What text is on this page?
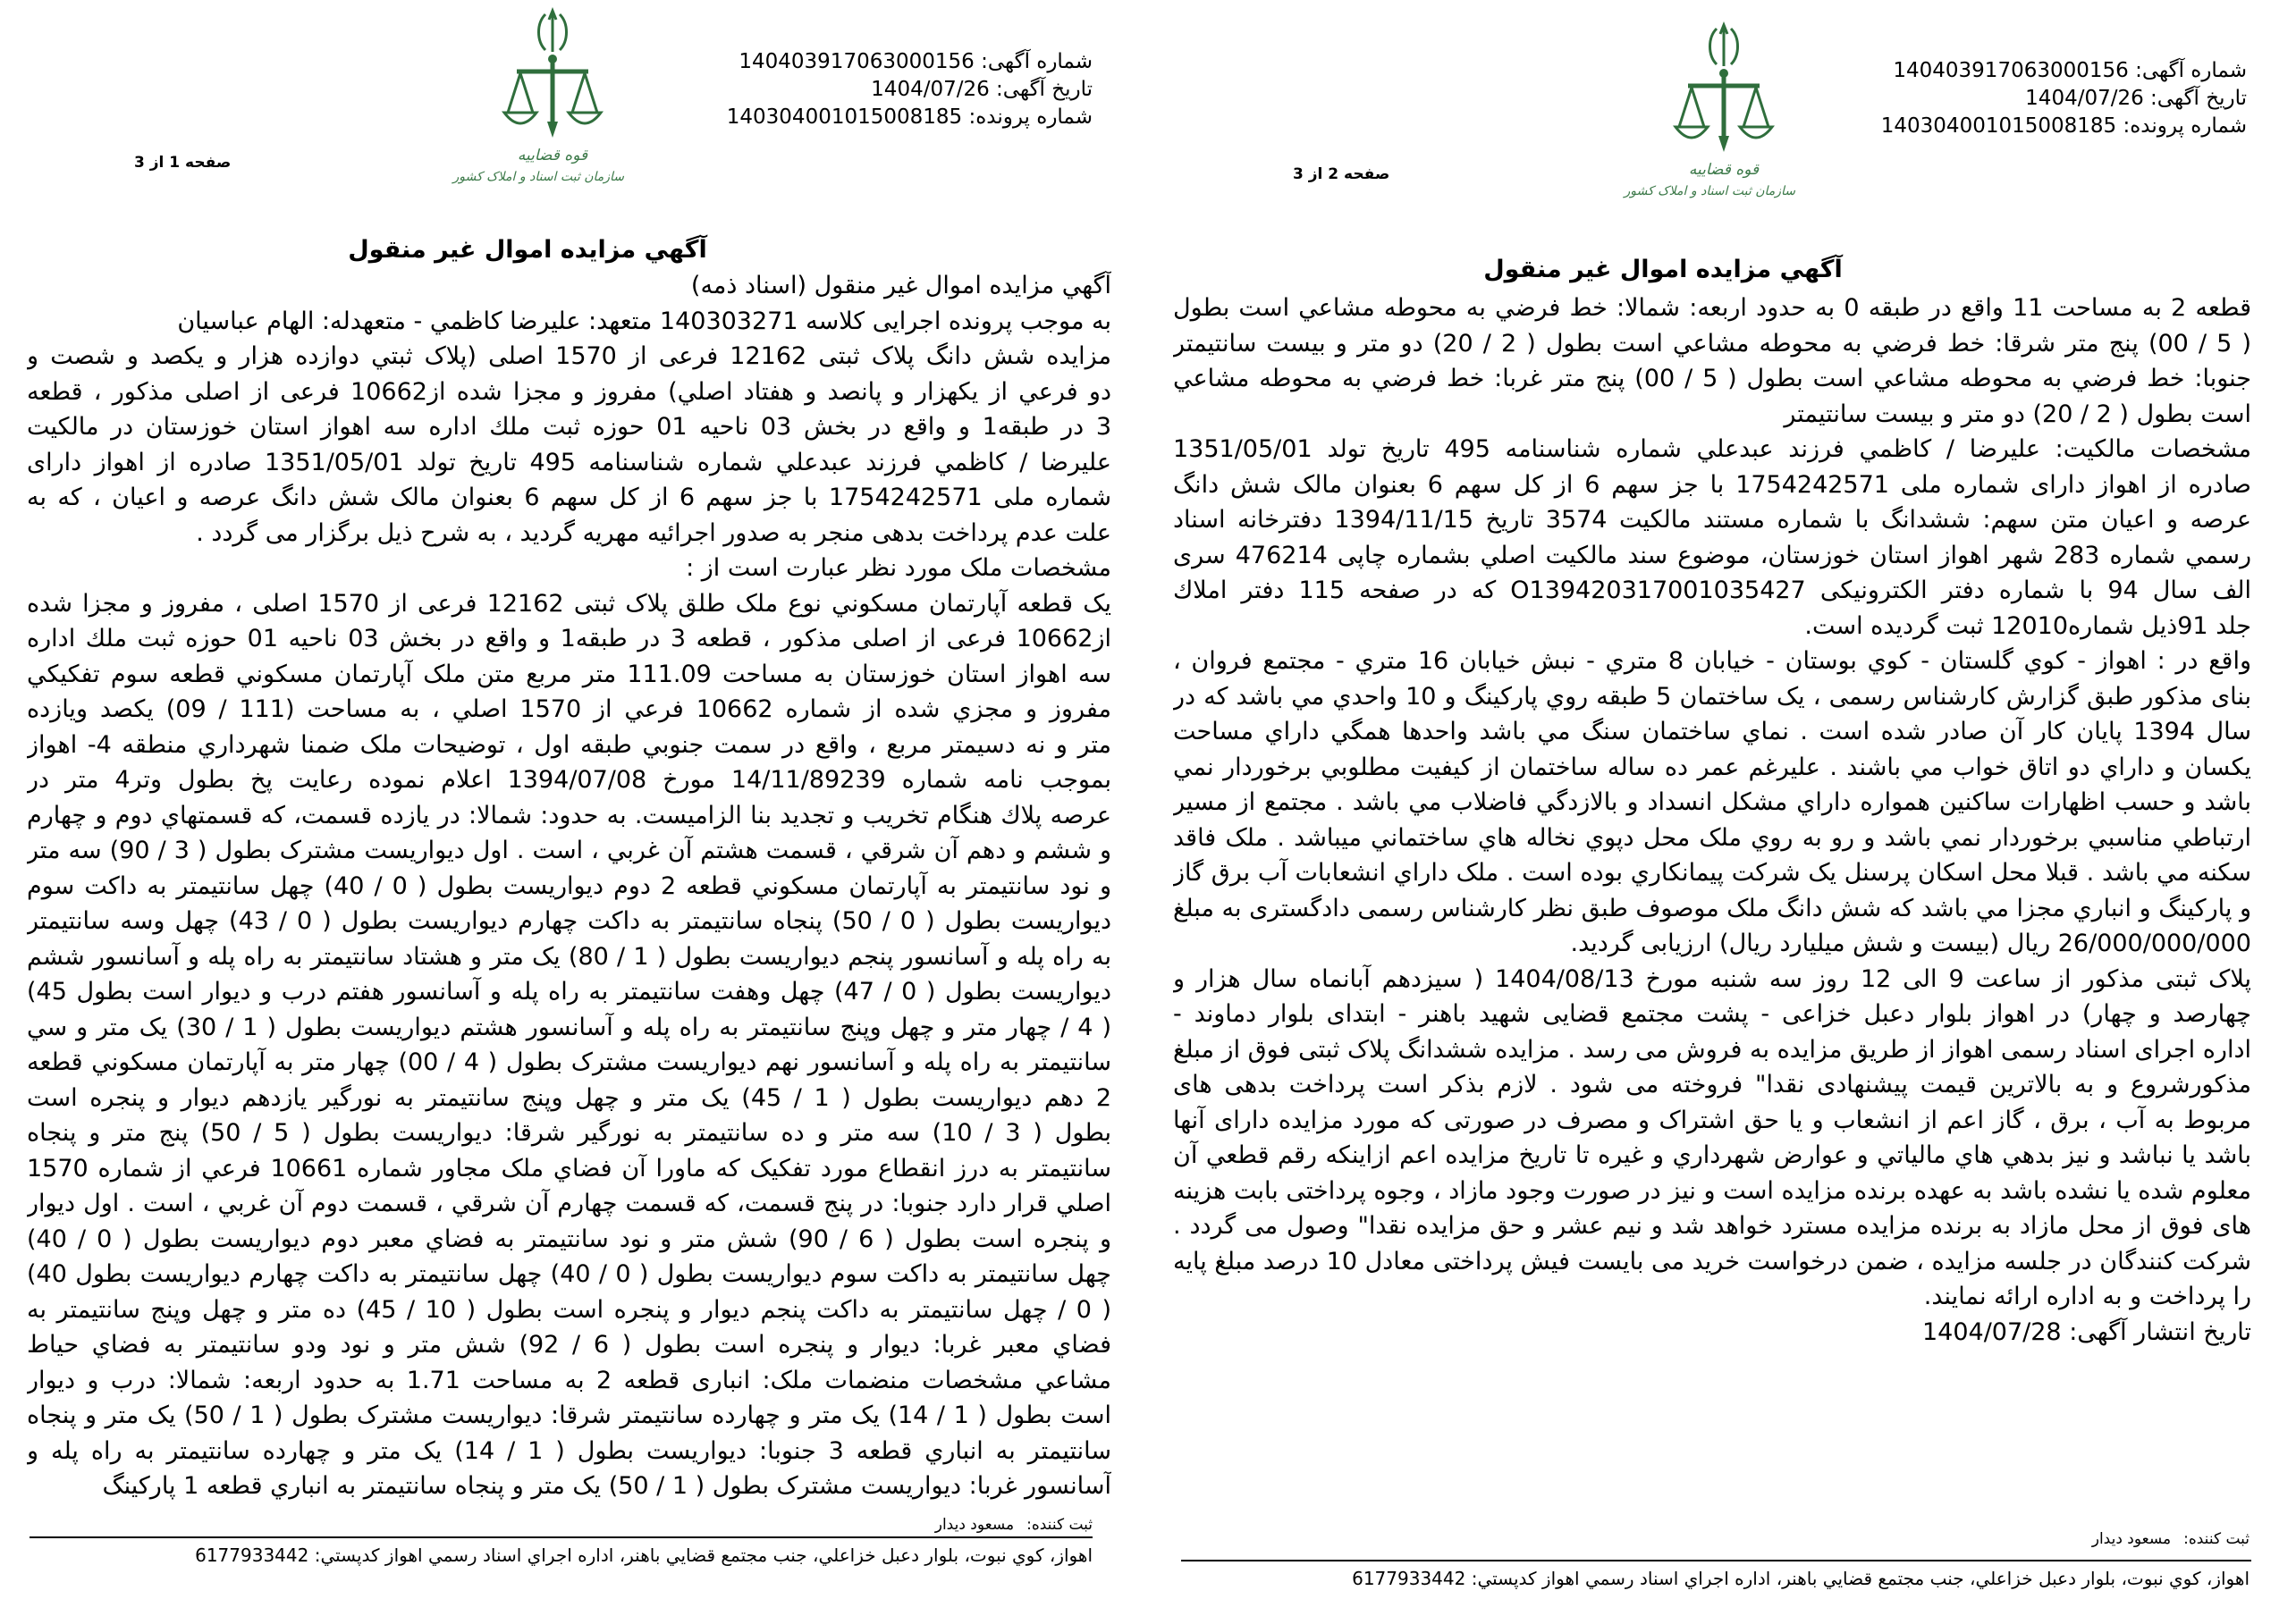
شماره آگهی: 140403917063000156
تاريخ آگهی: 1404/07/26
شماره پرونده: 140304001015008185
قوه قضاییه
سازمان ثبت اسناد و املاک کشور
صفحه 1 از 3
آگهي مزايده اموال غير منقول
آگهي مزايده اموال غير منقول (اسناد ذمه)
به موجب پرونده اجرايی كلاسه 140303271 متعهد: عليرضا كاظمي - متعهدله: الهام عباسيان
مزايده شش دانگ پلاک ثبتی 12162 فرعی از 1570 اصلی (پلاک ثبتي دوازده هزار و يكصد و شصت و
دو فرعي از يكهزار و پانصد و هفتاد اصلي) مفروز و مجزا شده از10662 فرعی از اصلی مذكور ، قطعه
3 در طبقه1 و واقع در بخش 03 ناحيه 01 حوزه ثبت ملك اداره سه اهواز استان خوزستان در مالكيت
عليرضا / كاظمي فرزند عبدعلي شماره شناسنامه 495 تاريخ تولد 1351/05/01 صادره از اهواز داراى
شماره ملی 1754242571 با جز سهم 6 از كل سهم 6 بعنوان مالک شش دانگ عرصه و اعيان ، كه به
علت عدم پرداخت بدهی منجر به صدور اجرائيه مهريه گرديد ، به شرح ذيل برگزار می گردد .
مشخصات ملک مورد نظر عبارت است از :
يک قطعه آپارتمان مسكوني نوع ملک طلق پلاک ثبتی 12162 فرعی از 1570 اصلی ، مفروز و مجزا شده
از10662 فرعی از اصلی مذكور ، قطعه 3 در طبقه1 و واقع در بخش 03 ناحيه 01 حوزه ثبت ملك اداره
سه اهواز استان خوزستان به مساحت 111.09 متر مربع متن ملک آپارتمان مسكوني قطعه سوم تفكيكي
مفروز و مجزي شده از شماره 10662 فرعي از 1570 اصلي ، به مساحت (111 / 09) يكصد ويازده
متر و نه دسيمتر مربع ، واقع در سمت جنوبي طبقه اول ، توضيحات ملک ضمنا شهرداري منطقه 4- اهواز
بموجب نامه شماره 14/11/89239 مورخ 1394/07/08 اعلام نموده رعايت پخ بطول وتر4 متر در
عرصه پلاك هنگام تخريب و تجديد بنا الزاميست. به حدود: شمالا: در يازده قسمت، كه قسمتهاي دوم و چهارم
و ششم و دهم آن شرقي ، قسمت هشتم آن غربي ، است . اول ديواريست مشترک بطول ( 3 / 90) سه متر
و نود سانتيمتر به آپارتمان مسكوني قطعه 2 دوم ديواريست بطول ( 0 / 40) چهل سانتيمتر به داكت سوم
ديواريست بطول ( 0 / 50) پنجاه سانتيمتر به داكت چهارم ديواريست بطول ( 0 / 43) چهل وسه سانتيمتر
به راه پله و آسانسور پنجم ديواريست بطول ( 1 / 80) يک متر و هشتاد سانتيمتر به راه پله و آسانسور ششم
ديواريست بطول ( 0 / 47) چهل وهفت سانتيمتر به راه پله و آسانسور هفتم درب و ديوار است بطول 45)
( 4 / چهار متر و چهل وپنج سانتيمتر به راه پله و آسانسور هشتم ديواريست بطول ( 1 / 30) يک متر و سي
سانتيمتر به راه پله و آسانسور نهم ديواريست مشترک بطول ( 4 / 00) چهار متر به آپارتمان مسكوني قطعه
2 دهم ديواريست بطول ( 1 / 45) يک متر و چهل وپنج سانتيمتر به نورگير يازدهم ديوار و پنجره است
بطول ( 3 / 10) سه متر و ده سانتيمتر به نورگير شرقا: ديواريست بطول ( 5 / 50) پنج متر و پنجاه
سانتيمتر به درز انقطاع مورد تفكيک كه ماورا آن فضاي ملک مجاور شماره 10661 فرعي از شماره 1570
اصلي قرار دارد جنوبا: در پنج قسمت، كه قسمت چهارم آن شرقي ، قسمت دوم آن غربي ، است . اول ديوار
و پنجره است بطول ( 6 / 90) شش متر و نود سانتيمتر به فضاي معبر دوم ديواريست بطول ( 0 / 40)
چهل سانتيمتر به داكت سوم ديواريست بطول ( 0 / 40) چهل سانتيمتر به داكت چهارم ديواريست بطول 40)
( 0 / چهل سانتيمتر به داكت پنجم ديوار و پنجره است بطول ( 10 / 45) ده متر و چهل وپنج سانتيمتر به
فضاي معبر غربا: ديوار و پنجره است بطول ( 6 / 92) شش متر و نود ودو سانتيمتر به فضاي حياط
مشاعي مشخصات منضمات ملک: انباری قطعه 2 به مساحت 1.71 به حدود اربعه: شمالا: درب و ديوار
است بطول ( 1 / 14) يک متر و چهارده سانتيمتر شرقا: ديواريست مشترک بطول ( 1 / 50) يک متر و پنجاه
سانتيمتر به انباري قطعه 3 جنوبا: ديواريست بطول ( 1 / 14) يک متر و چهارده سانتيمتر به راه پله و
آسانسور غربا: ديواريست مشترک بطول ( 1 / 50) يک متر و پنجاه سانتيمتر به انباري قطعه 1 پاركينگ
ثبت كننده:مسعود ديدار
اهواز، كوي نبوت، بلوار دعبل خزاعلي، جنب مجتمع قضايي باهنر، اداره اجراي اسناد رسمي اهواز كدپستي: 6177933442
شماره آگهی: 140403917063000156
تاريخ آگهی: 1404/07/26
شماره پرونده: 140304001015008185
قوه قضاییه
سازمان ثبت اسناد و املاک کشور
صفحه 2 از 3
آگهي مزايده اموال غير منقول
قطعه 2 به مساحت 11 واقع در طبقه 0 به حدود اربعه: شمالا: خط فرضي به محوطه مشاعي است بطول
( 5 / 00) پنج متر شرقا: خط فرضي به محوطه مشاعي است بطول ( 2 / 20) دو متر و بيست سانتيمتر
جنوبا: خط فرضي به محوطه مشاعي است بطول ( 5 / 00) پنج متر غربا: خط فرضي به محوطه مشاعي
است بطول ( 2 / 20) دو متر و بيست سانتيمتر
مشخصات مالكيت: عليرضا / كاظمي فرزند عبدعلي شماره شناسنامه 495 تاريخ تولد 1351/05/01
صادره از اهواز داراى شماره ملى 1754242571 با جز سهم 6 از كل سهم 6 بعنوان مالک شش دانگ
عرصه و اعيان متن سهم: ششدانگ با شماره مستند مالكيت 3574 تاريخ 1394/11/15 دفترخانه اسناد
رسمي شماره 283 شهر اهواز استان خوزستان، موضوع سند مالكيت اصلي بشماره چاپی 476214 سری
الف سال 94 با شماره دفتر الكترونيكی O139420317001035427 كه در صفحه 115 دفتر املاك
جلد 91ذيل شماره12010 ثبت گرديده است.
واقع در : اهواز - كوي گلستان - كوي بوستان - خيابان 8 متري - نبش خيابان 16 متري - مجتمع فروان ،
بناى مذكور طبق گزارش كارشناس رسمی ، يک ساختمان 5 طبقه روي پاركينگ و 10 واحدي مي باشد كه در
سال 1394 پايان كار آن صادر شده است . نماي ساختمان سنگ مي باشد واحدها همگي داراي مساحت
يكسان و داراي دو اتاق خواب مي باشند . عليرغم عمر ده ساله ساختمان از كيفيت مطلوبي برخوردار نمي
باشد و حسب اظهارات ساكنين همواره داراي مشكل انسداد و بالازدگي فاضلاب مي باشد . مجتمع از مسير
ارتباطي مناسبي برخوردار نمي باشد و رو به روي ملک محل دپوي نخاله هاي ساختماني ميباشد . ملک فاقد
سكنه مي باشد . قبلا محل اسكان پرسنل يک شركت پيمانكاري بوده است . ملک داراي انشعابات آب برق گاز
و پاركينگ و انباري مجزا مي باشد كه شش دانگ ملک موصوف طبق نظر كارشناس رسمی دادگستری به مبلغ
26/000/000/000 ريال (بيست و شش ميليارد ريال) ارزيابی گرديد.
پلاک ثبتی مذكور از ساعت 9 الی 12 روز سه شنبه مورخ 1404/08/13 ( سيزدهم آبانماه سال هزار و
چهارصد و چهار) در اهواز بلوار دعبل خزاعی - پشت مجتمع قضايی شهيد باهنر - ابتدای بلوار دماوند -
اداره اجرای اسناد رسمی اهواز از طريق مزايده به فروش می رسد . مزايده ششدانگ پلاک ثبتی فوق از مبلغ
مذكورشروع و به بالاترين قيمت پيشنهادی نقدا" فروخته می شود . لازم بذكر است پرداخت بدهی های
مربوط به آب ، برق ، گاز اعم از انشعاب و يا حق اشتراک و مصرف در صورتی كه مورد مزايده دارای آنها
باشد يا نباشد و نيز بدهي هاي مالياتي و عوارض شهرداري و غيره تا تاريخ مزايده اعم ازاينكه رقم قطعي آن
معلوم شده يا نشده باشد به عهده برنده مزايده است و نيز در صورت وجود مازاد ، وجوه پرداختی بابت هزينه
های فوق از محل مازاد به برنده مزايده مسترد خواهد شد و نيم عشر و حق مزايده نقدا" وصول می گردد .
شركت كنندگان در جلسه مزايده ، ضمن درخواست خريد می بايست فيش پرداختی معادل 10 درصد مبلغ پايه
را پرداخت و به اداره ارائه نمايند.
تاريخ انتشار آگهی: 1404/07/28
ثبت كننده:مسعود ديدار
اهواز، كوي نبوت، بلوار دعبل خزاعلي، جنب مجتمع قضايي باهنر، اداره اجراي اسناد رسمي اهواز كدپستي: 6177933442
